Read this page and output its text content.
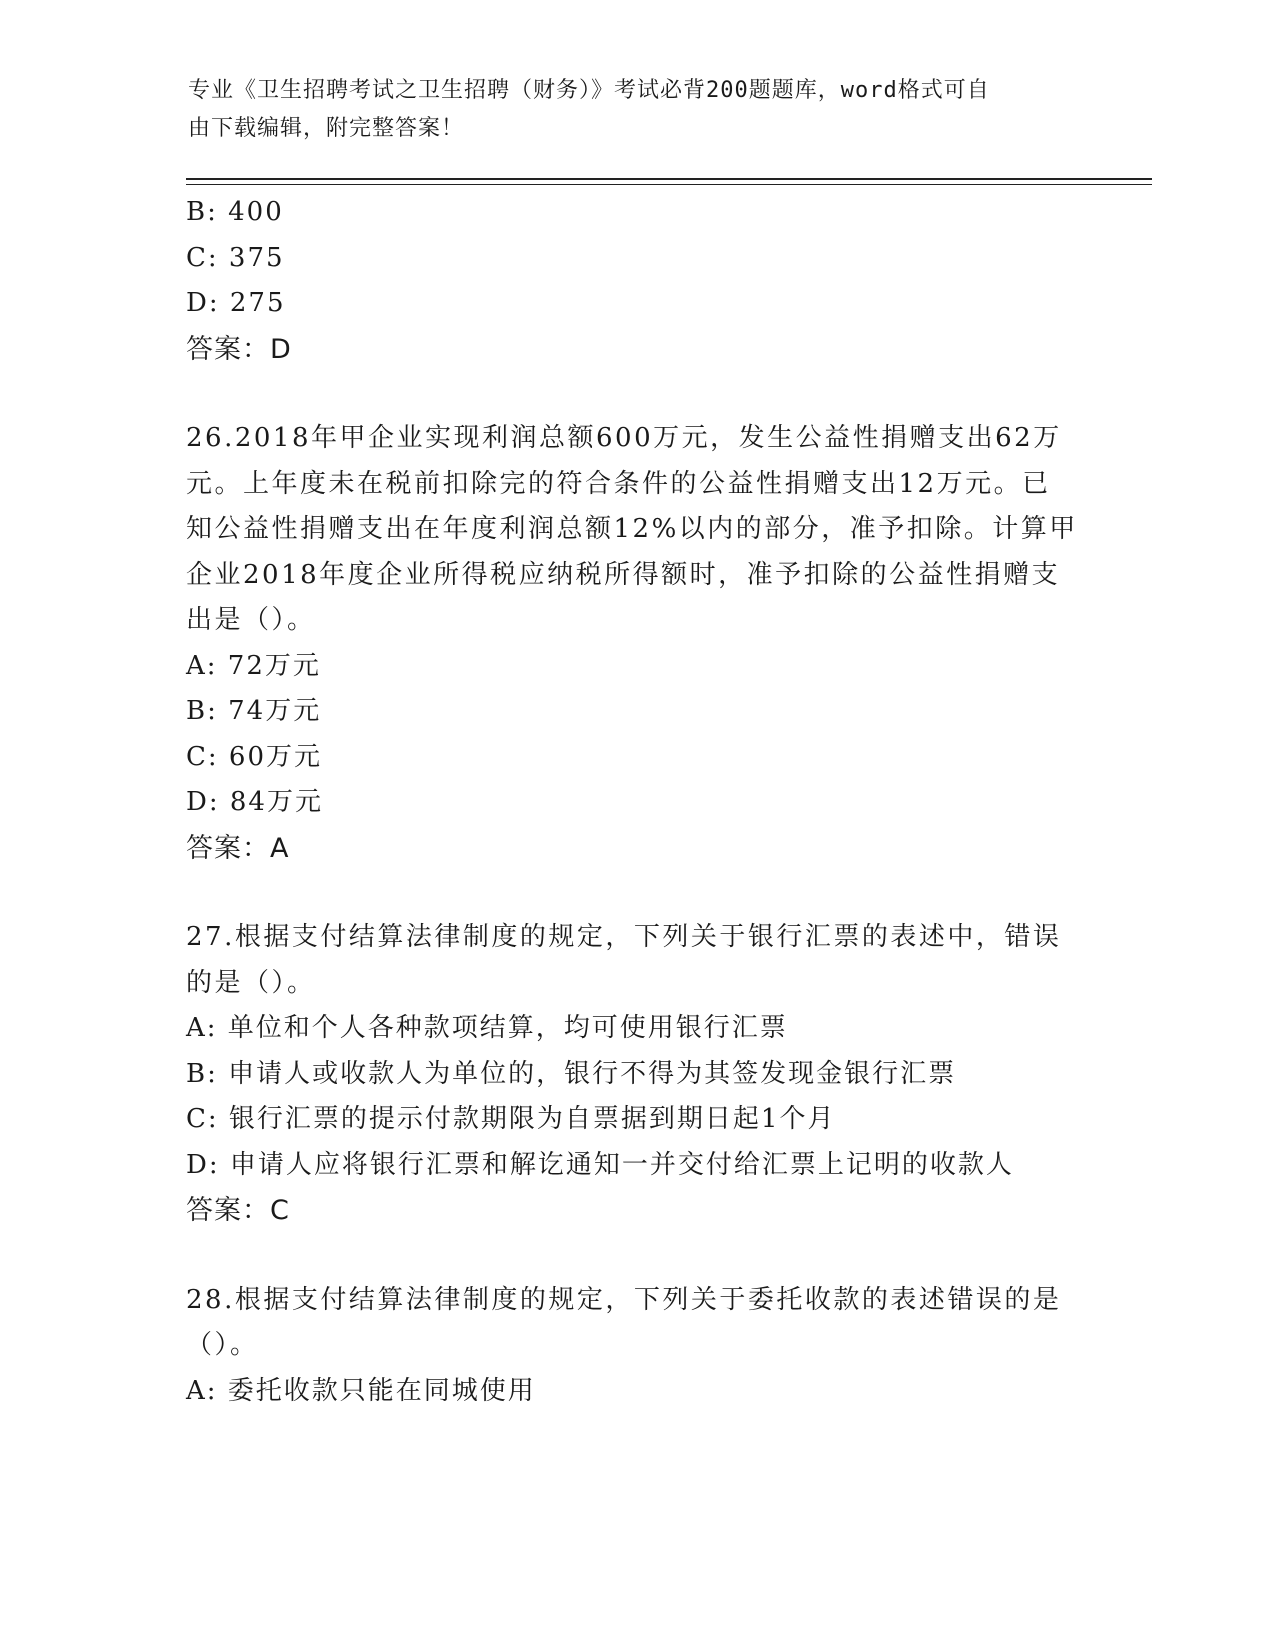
专业《卫生招聘考试之卫生招聘（财务）》考试必背200题题库，word格式可自
由下载编辑，附完整答案！
B: 400
C: 375
D: 275
答案：D
26.2018年甲企业实现利润总额600万元，发生公益性捐赠支出62万
元。上年度未在税前扣除完的符合条件的公益性捐赠支出12万元。已
知公益性捐赠支出在年度利润总额12%以内的部分，准予扣除。计算甲
企业2018年度企业所得税应纳税所得额时，准予扣除的公益性捐赠支
出是（）。
A: 72万元
B: 74万元
C: 60万元
D: 84万元
答案：A
27.根据支付结算法律制度的规定，下列关于银行汇票的表述中，错误
的是（）。
A: 单位和个人各种款项结算，均可使用银行汇票
B: 申请人或收款人为单位的，银行不得为其签发现金银行汇票
C: 银行汇票的提示付款期限为自票据到期日起1个月
D: 申请人应将银行汇票和解讫通知一并交付给汇票上记明的收款人
答案：C
28.根据支付结算法律制度的规定，下列关于委托收款的表述错误的是
（）。
A: 委托收款只能在同城使用
